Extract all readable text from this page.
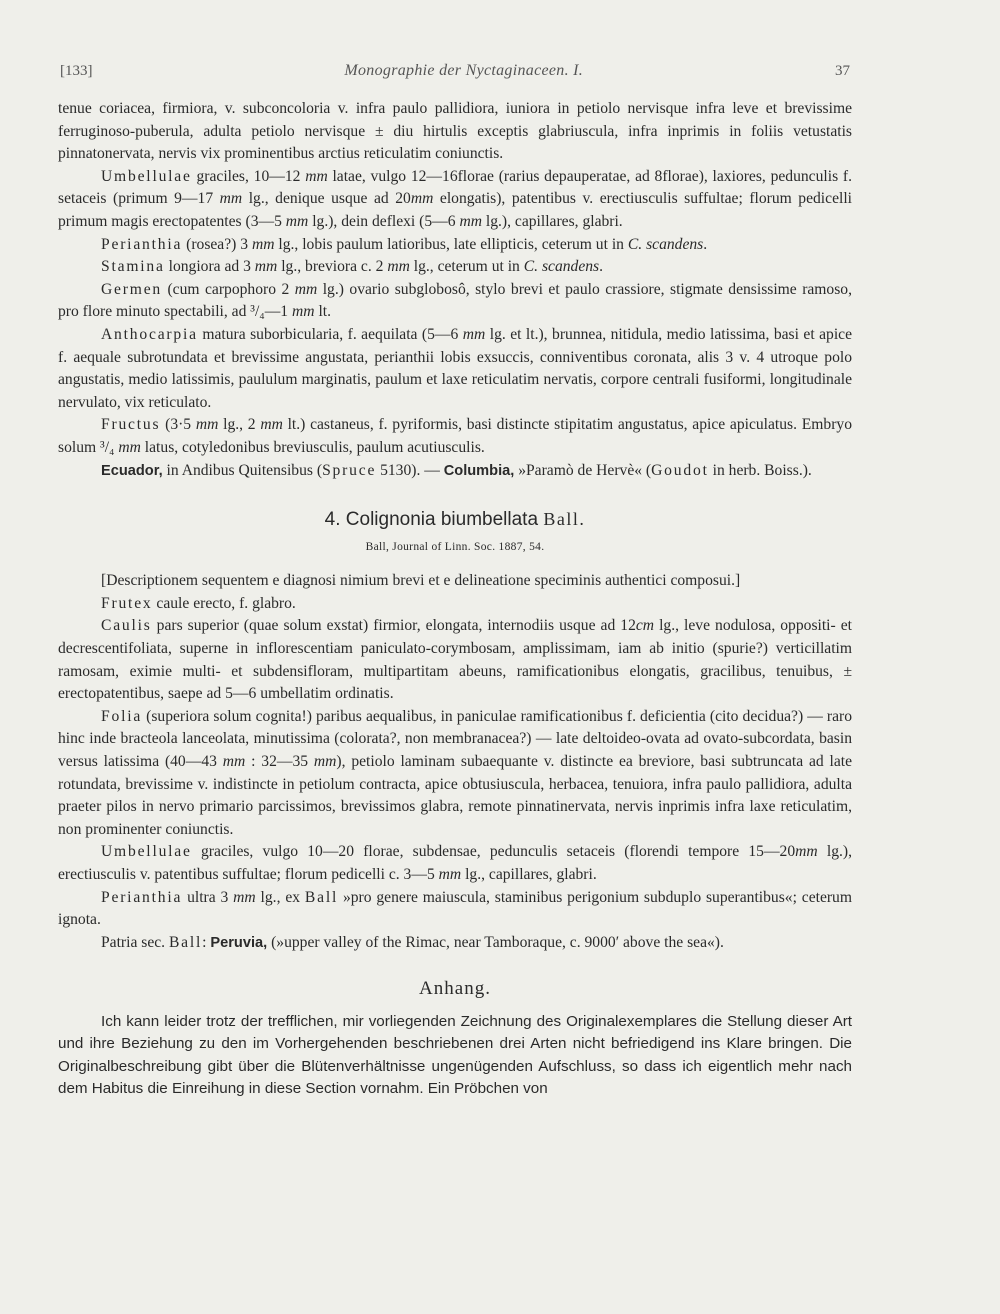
[133]	Monographie der Nyctaginaceen. I.	37

tenue coriacea, firmiora, v. subconcoloria v. infra paulo pallidiora, iuniora in petiolo nervisque infra leve et brevissime ferruginoso-puberula, adulta petiolo nervisque ± diu hirtulis exceptis glabriuscula, infra inprimis in foliis vetustatis pinnatonervata, nervis vix prominentibus arctius reticulatim coniunctis.

Umbellulae graciles, 10—12 mm latae, vulgo 12—16florae (rarius depauperatae, ad 8florae), laxiores, pedunculis f. setaceis (primum 9—17 mm lg., denique usque ad 20mm elongatis), patentibus v. erectiusculis suffultae; florum pedicelli primum magis erectopatentes (3—5 mm lg.), dein deflexi (5—6 mm lg.), capillares, glabri.

Perianthia (rosea?) 3 mm lg., lobis paulum latioribus, late ellipticis, ceterum ut in C. scandens.

Stamina longiora ad 3 mm lg., breviora c. 2 mm lg., ceterum ut in C. scandens.

Germen (cum carpophoro 2 mm lg.) ovario subglobosô, stylo brevi et paulo crassiore, stigmate densissime ramoso, pro flore minuto spectabili, ad ³/₄—1 mm lt.

Anthocarpia matura suborbicularia, f. aequilata (5—6 mm lg. et lt.), brunnea, nitidula, medio latissima, basi et apice f. aequale subrotundata et brevissime angustata, perianthii lobis exsuccis, conniventibus coronata, alis 3 v. 4 utroque polo angustatis, medio latissimis, paululum marginatis, paulum et laxe reticulatim nervatis, corpore centrali fusiformi, longitudinale nervulato, vix reticulato.

Fructus (3·5 mm lg., 2 mm lt.) castaneus, f. pyriformis, basi distincte stipitatim angustatus, apice apiculatus. Embryo solum ³/₄ mm latus, cotyledonibus breviusculis, paulum acutiusculis.

Ecuador, in Andibus Quitensibus (Spruce 5130). — Columbia, »Paramò de Hervè« (Goudot in herb. Boiss.).

4. Colignonia biumbellata Ball.
Ball, Journal of Linn. Soc. 1887, 54.

[Descriptionem sequentem e diagnosi nimium brevi et e delineatione speciminis authentici composui.]

Frutex caule erecto, f. glabro.

Caulis pars superior (quae solum exstat) firmior, elongata, internodiis usque ad 12cm lg., leve nodulosa, oppositi- et decrescentifoliata, superne in inflorescentiam paniculato-corymbosam, amplissimam, iam ab initio (spurie?) verticillatim ramosam, eximie multi- et subdensifloram, multipartitam abeuns, ramificationibus elongatis, gracilibus, tenuibus, ± erectopatentibus, saepe ad 5—6 umbellatim ordinatis.

Folia (superiora solum cognita!) paribus aequalibus, in paniculae ramificationibus f. deficientia (cito decidua?) — raro hinc inde bracteola lanceolata, minutissima (colorata?, non membranacea?) — late deltoideo-ovata ad ovato-subcordata, basin versus latissima (40—43 mm : 32—35 mm), petiolo laminam subaequante v. distincte ea breviore, basi subtruncata ad late rotundata, brevissime v. indistincte in petiolum contracta, apice obtusiuscula, herbacea, tenuiora, infra paulo pallidiora, adulta praeter pilos in nervo primario parcissimos, brevissimos glabra, remote pinnatinervata, nervis inprimis infra laxe reticulatim, non prominenter coniunctis.

Umbellulae graciles, vulgo 10—20 florae, subdensae, pedunculis setaceis (florendi tempore 15—20mm lg.), erectiusculis v. patentibus suffultae; florum pedicelli c. 3—5 mm lg., capillares, glabri.

Perianthia ultra 3 mm lg., ex Ball »pro genere maiuscula, staminibus perigonium subduplo superantibus«; ceterum ignota.

Patria sec. Ball: Peruvia, (»upper valley of the Rimac, near Tamboraque, c. 9000′ above the sea«).

Anhang.

Ich kann leider trotz der trefflichen, mir vorliegenden Zeichnung des Originalexemplares die Stellung dieser Art und ihre Beziehung zu den im Vorhergehenden beschriebenen drei Arten nicht befriedigend ins Klare bringen. Die Originalbeschreibung gibt über die Blütenverhältnisse ungenügenden Aufschluss, so dass ich eigentlich mehr nach dem Habitus die Einreihung in diese Section vornahm. Ein Pröbchen von
